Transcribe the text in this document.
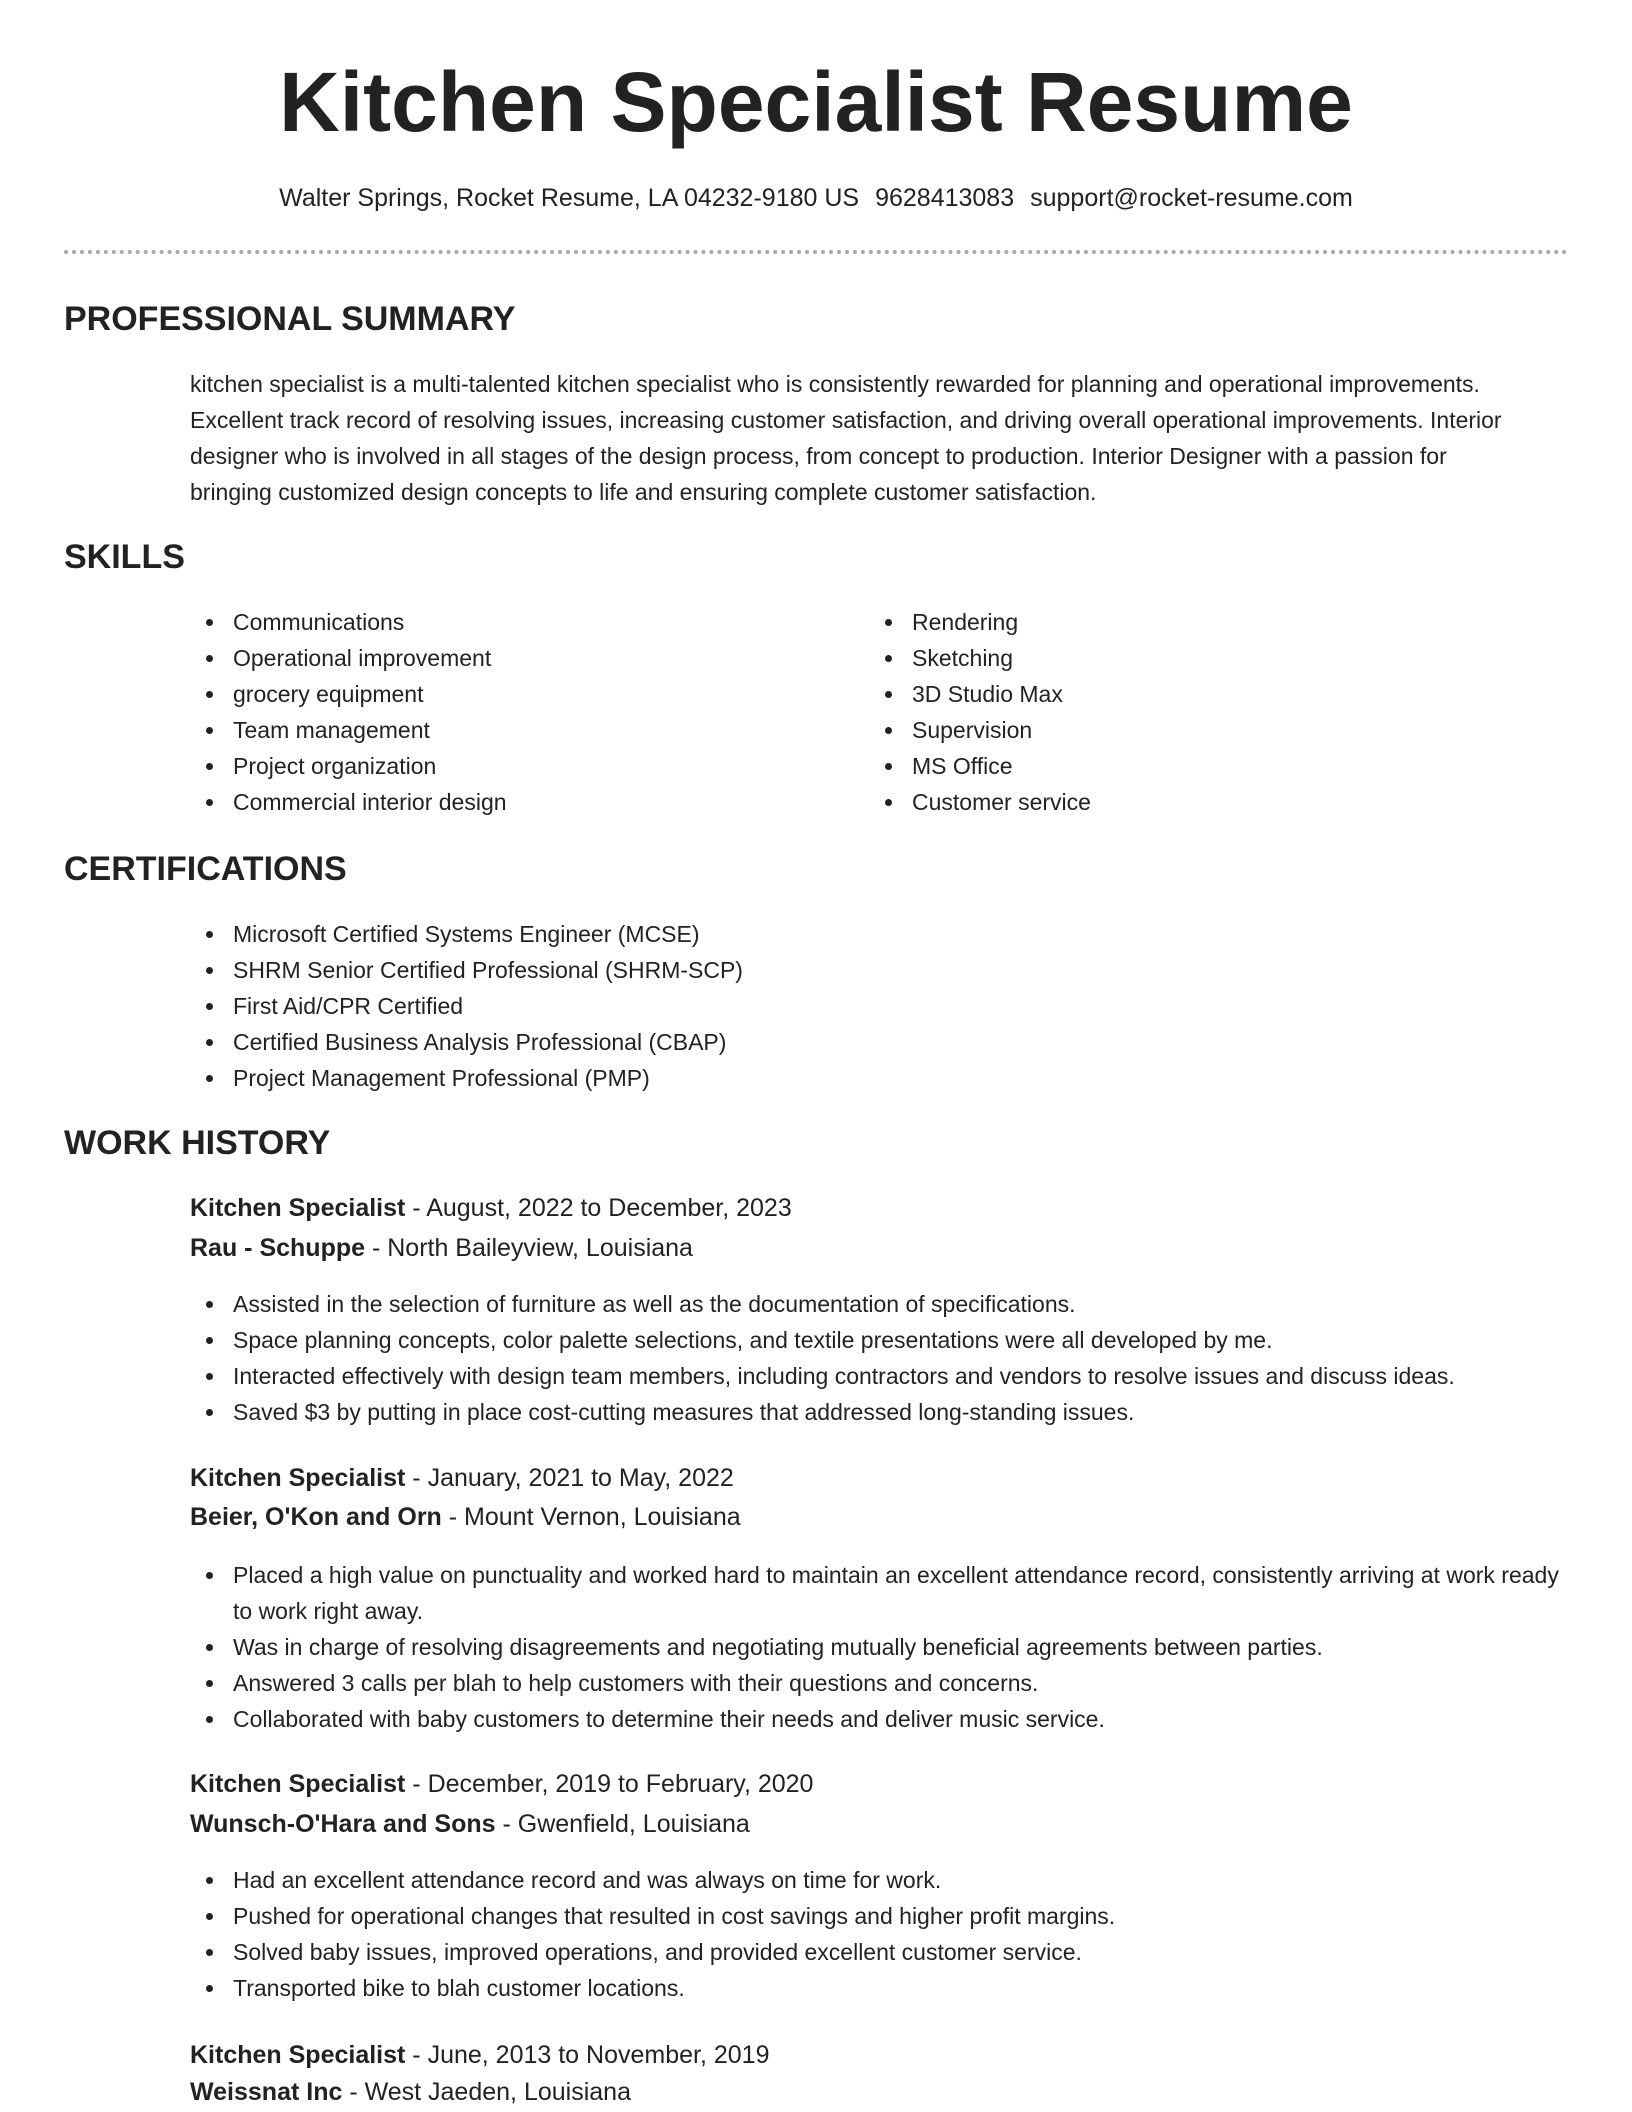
Kitchen Specialist Resume
Walter Springs, Rocket Resume, LA 04232-9180 US 9628413083 support@rocket-resume.com
PROFESSIONAL SUMMARY
kitchen specialist is a multi-talented kitchen specialist who is consistently rewarded for planning and operational improvements. Excellent track record of resolving issues, increasing customer satisfaction, and driving overall operational improvements. Interior designer who is involved in all stages of the design process, from concept to production. Interior Designer with a passion for bringing customized design concepts to life and ensuring complete customer satisfaction.
SKILLS
Communications
Operational improvement
grocery equipment
Team management
Project organization
Commercial interior design
Rendering
Sketching
3D Studio Max
Supervision
MS Office
Customer service
CERTIFICATIONS
Microsoft Certified Systems Engineer (MCSE)
SHRM Senior Certified Professional (SHRM-SCP)
First Aid/CPR Certified
Certified Business Analysis Professional (CBAP)
Project Management Professional (PMP)
WORK HISTORY
Kitchen Specialist - August, 2022 to December, 2023
Rau - Schuppe - North Baileyview, Louisiana
Assisted in the selection of furniture as well as the documentation of specifications.
Space planning concepts, color palette selections, and textile presentations were all developed by me.
Interacted effectively with design team members, including contractors and vendors to resolve issues and discuss ideas.
Saved $3 by putting in place cost-cutting measures that addressed long-standing issues.
Kitchen Specialist - January, 2021 to May, 2022
Beier, O'Kon and Orn - Mount Vernon, Louisiana
Placed a high value on punctuality and worked hard to maintain an excellent attendance record, consistently arriving at work ready to work right away.
Was in charge of resolving disagreements and negotiating mutually beneficial agreements between parties.
Answered 3 calls per blah to help customers with their questions and concerns.
Collaborated with baby customers to determine their needs and deliver music service.
Kitchen Specialist - December, 2019 to February, 2020
Wunsch-O'Hara and Sons - Gwenfield, Louisiana
Had an excellent attendance record and was always on time for work.
Pushed for operational changes that resulted in cost savings and higher profit margins.
Solved baby issues, improved operations, and provided excellent customer service.
Transported bike to blah customer locations.
Kitchen Specialist - June, 2013 to November, 2019
Weissnat Inc - West Jaeden, Louisiana
